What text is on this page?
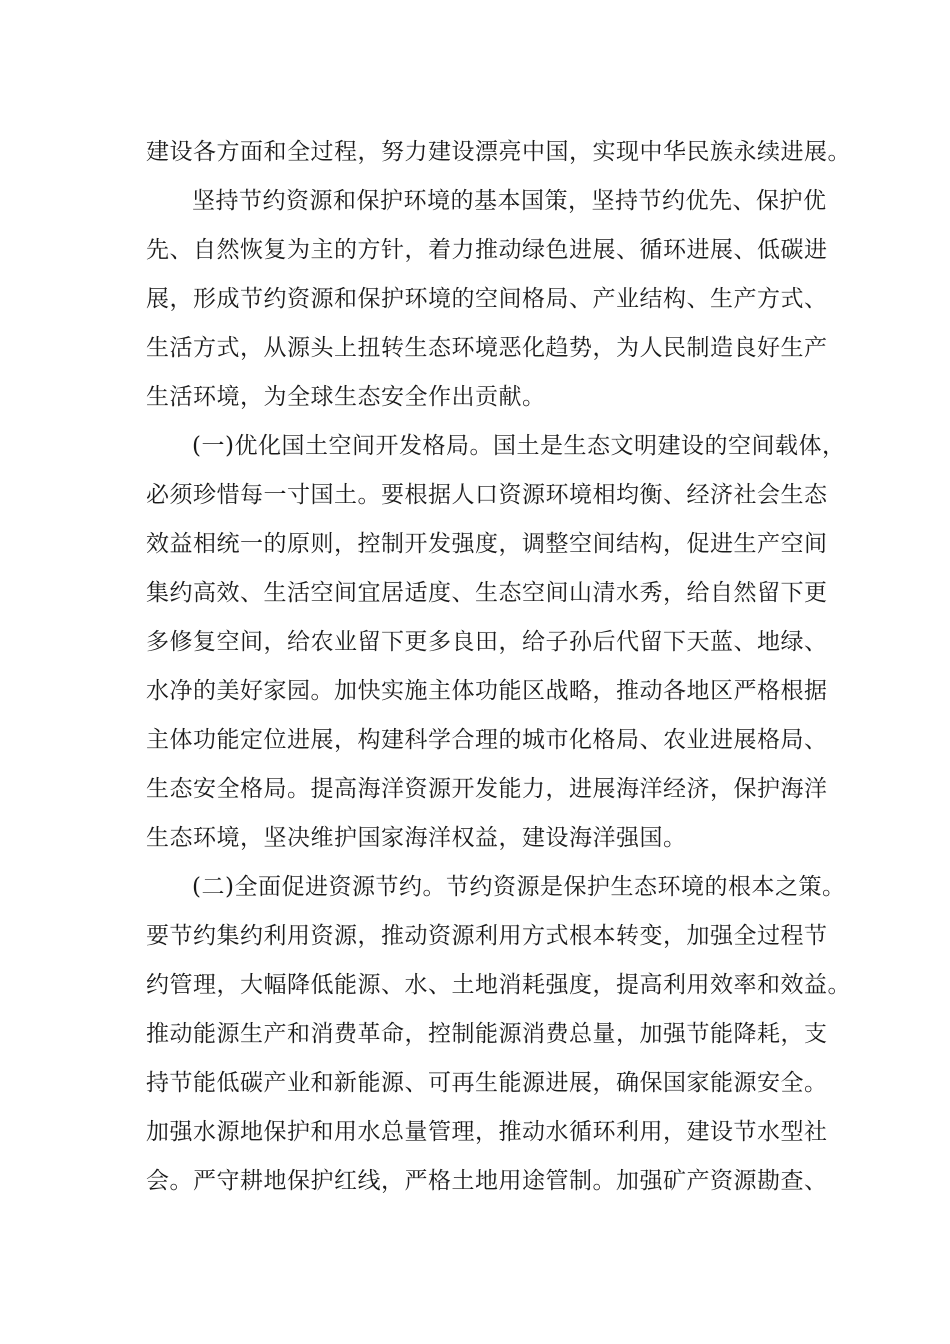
建设各方面和全过程，努力建设漂亮中国，实现中华民族永续进展。
坚持节约资源和保护环境的基本国策，坚持节约优先、保护优
先、自然恢复为主的方针，着力推动绿色进展、循环进展、低碳进
展，形成节约资源和保护环境的空间格局、产业结构、生产方式、
生活方式，从源头上扭转生态环境恶化趋势，为人民制造良好生产
生活环境，为全球生态安全作出贡献。
(一)优化国土空间开发格局。国土是生态文明建设的空间载体，
必须珍惜每一寸国土。要根据人口资源环境相均衡、经济社会生态
效益相统一的原则，控制开发强度，调整空间结构，促进生产空间
集约高效、生活空间宜居适度、生态空间山清水秀，给自然留下更
多修复空间，给农业留下更多良田，给子孙后代留下天蓝、地绿、
水净的美好家园。加快实施主体功能区战略，推动各地区严格根据
主体功能定位进展，构建科学合理的城市化格局、农业进展格局、
生态安全格局。提高海洋资源开发能力，进展海洋经济，保护海洋
生态环境，坚决维护国家海洋权益，建设海洋强国。
(二)全面促进资源节约。节约资源是保护生态环境的根本之策。
要节约集约利用资源，推动资源利用方式根本转变，加强全过程节
约管理，大幅降低能源、水、土地消耗强度，提高利用效率和效益。
推动能源生产和消费革命，控制能源消费总量，加强节能降耗，支
持节能低碳产业和新能源、可再生能源进展，确保国家能源安全。
加强水源地保护和用水总量管理，推动水循环利用，建设节水型社
会。严守耕地保护红线，严格土地用途管制。加强矿产资源勘查、
